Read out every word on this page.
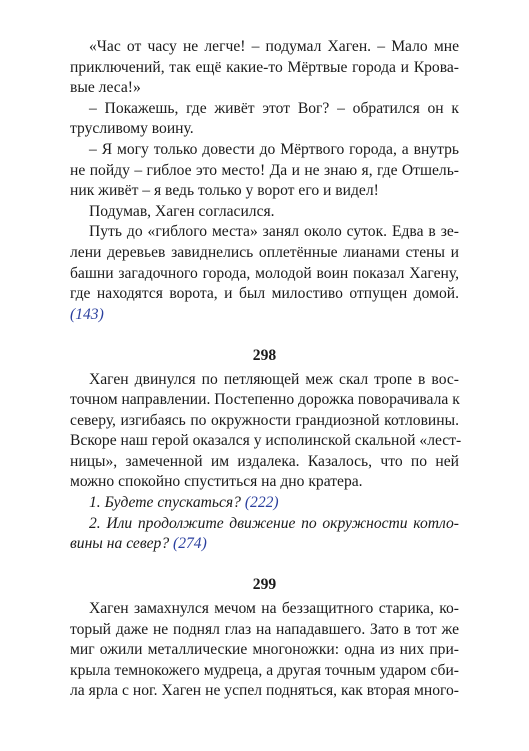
«Час от часу не легче! – подумал Хаген. – Мало мне
приключений, так ещё какие-то Мёртвые города и Крова-
вые леса!»
– Покажешь, где живёт этот Вог? – обратился он к
трусливому воину.
– Я могу только довести до Мёртвого города, а внутрь
не пойду – гиблое это место! Да и не знаю я, где Отшель-
ник живёт – я ведь только у ворот его и видел!
Подумав, Хаген согласился.
Путь до «гиблого места» занял около суток. Едва в зе-
лени деревьев завиднелись оплетённые лианами стены и
башни загадочного города, молодой воин показал Хагену,
где находятся ворота, и был милостиво отпущен домой.
(143)
298
Хаген двинулся по петляющей меж скал тропе в вос-
точном направлении. Постепенно дорожка поворачивала к
северу, изгибаясь по окружности грандиозной котловины.
Вскоре наш герой оказался у исполинской скальной «лест-
ницы», замеченной им издалека. Казалось, что по ней
можно спокойно спуститься на дно кратера.
1. Будете спускаться? (222)
2. Или продолжите движение по окружности котло-
вины на север? (274)
299
Хаген замахнулся мечом на беззащитного старика, ко-
торый даже не поднял глаз на нападавшего. Зато в тот же
миг ожили металлические многоножки: одна из них при-
крыла темнокожего мудреца, а другая точным ударом сби-
ла ярла с ног. Хаген не успел подняться, как вторая много-
